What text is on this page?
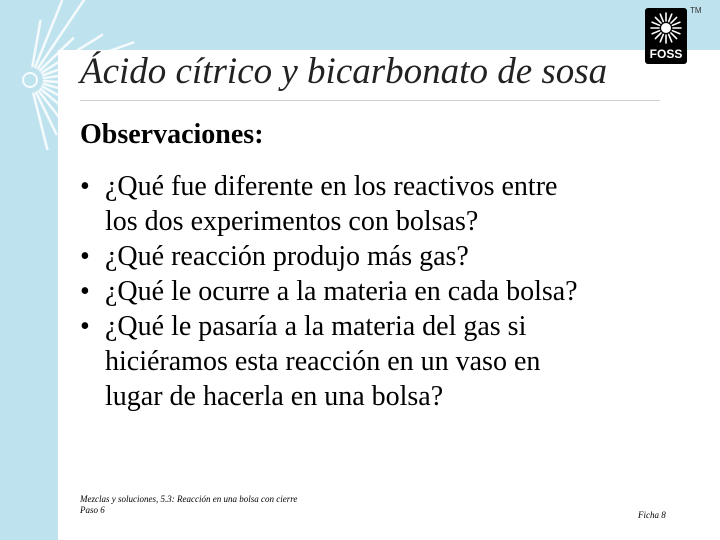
TM
FOSS
Ácido cítrico y bicarbonato de sosa
Observaciones:
• ¿Qué fue diferente en los reactivos entre
los dos experimentos con bolsas?
• ¿Qué reacción produjo más gas?
• ¿Qué le ocurre a la materia en cada bolsa?
• ¿Qué le pasaría a la materia del gas si
hiciéramos esta reacción en un vaso en
lugar de hacerla en una bolsa?
Mezclas y soluciones, 5.3: Reacción en una bolsa con cierre
Paso 6	Ficha 8
